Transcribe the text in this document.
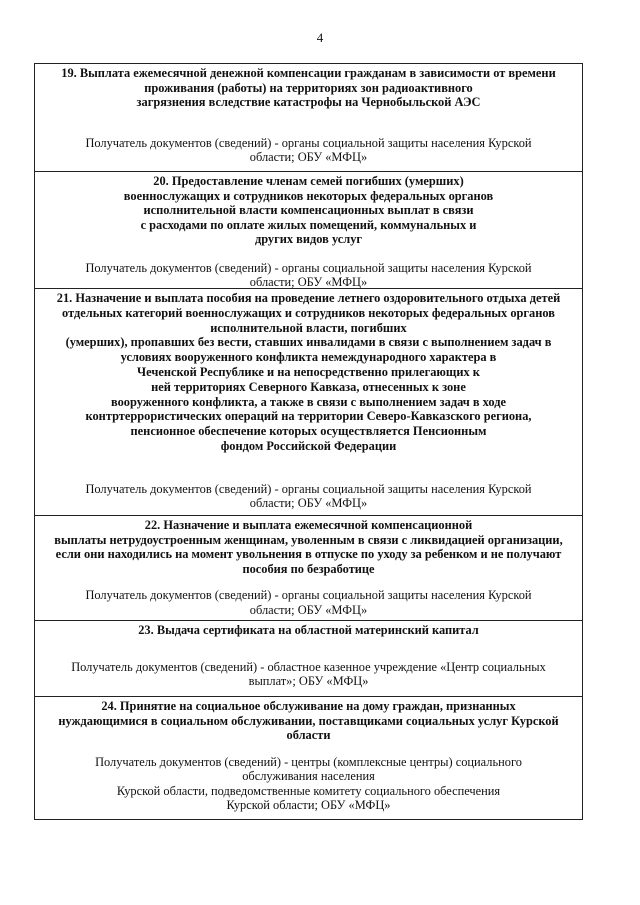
4
19. Выплата ежемесячной денежной компенсации гражданам в зависимости от времени
проживания (работы) на территориях зон радиоактивного
загрязнения вследствие катастрофы на Чернобыльской АЭС
Получатель документов (сведений) - органы социальной защиты населения Курской
области; ОБУ «МФЦ»
20. Предоставление членам семей погибших (умерших)
военнослужащих и сотрудников некоторых федеральных органов
исполнительной власти компенсационных выплат в связи
с расходами по оплате жилых помещений, коммунальных и
других видов услуг
Получатель документов (сведений) - органы социальной защиты населения Курской
области; ОБУ «МФЦ»
21. Назначение и выплата пособия на проведение летнего оздоровительного отдыха детей
отдельных категорий военнослужащих и сотрудников некоторых федеральных органов
исполнительной власти, погибших
(умерших), пропавших без вести, ставших инвалидами в связи с выполнением задач в
условиях вооруженного конфликта немеждународного характера в
Чеченской Республике и на непосредственно прилегающих к
ней территориях Северного Кавказа, отнесенных к зоне
вооруженного конфликта, а также в связи с выполнением задач в ходе
контртеррористических операций на территории Северо-Кавказского региона,
пенсионное обеспечение которых осуществляется Пенсионным
фондом Российской Федерации
Получатель документов (сведений) - органы социальной защиты населения Курской
области; ОБУ «МФЦ»
22. Назначение и выплата ежемесячной компенсационной
выплаты нетрудоустроенным женщинам, уволенным в связи с ликвидацией организации,
если они находились на момент увольнения в отпуске по уходу за ребенком и не получают
пособия по безработице
Получатель документов (сведений) - органы социальной защиты населения Курской
области; ОБУ «МФЦ»
23. Выдача сертификата на областной материнский капитал
Получатель документов (сведений) - областное казенное учреждение «Центр социальных
выплат»; ОБУ «МФЦ»
24. Принятие на социальное обслуживание на дому граждан, признанных
нуждающимися в социальном обслуживании, поставщиками социальных услуг Курской
области
Получатель документов (сведений) - центры (комплексные центры) социального
обслуживания населения
Курской области, подведомственные комитету социального обеспечения
Курской области; ОБУ «МФЦ»
